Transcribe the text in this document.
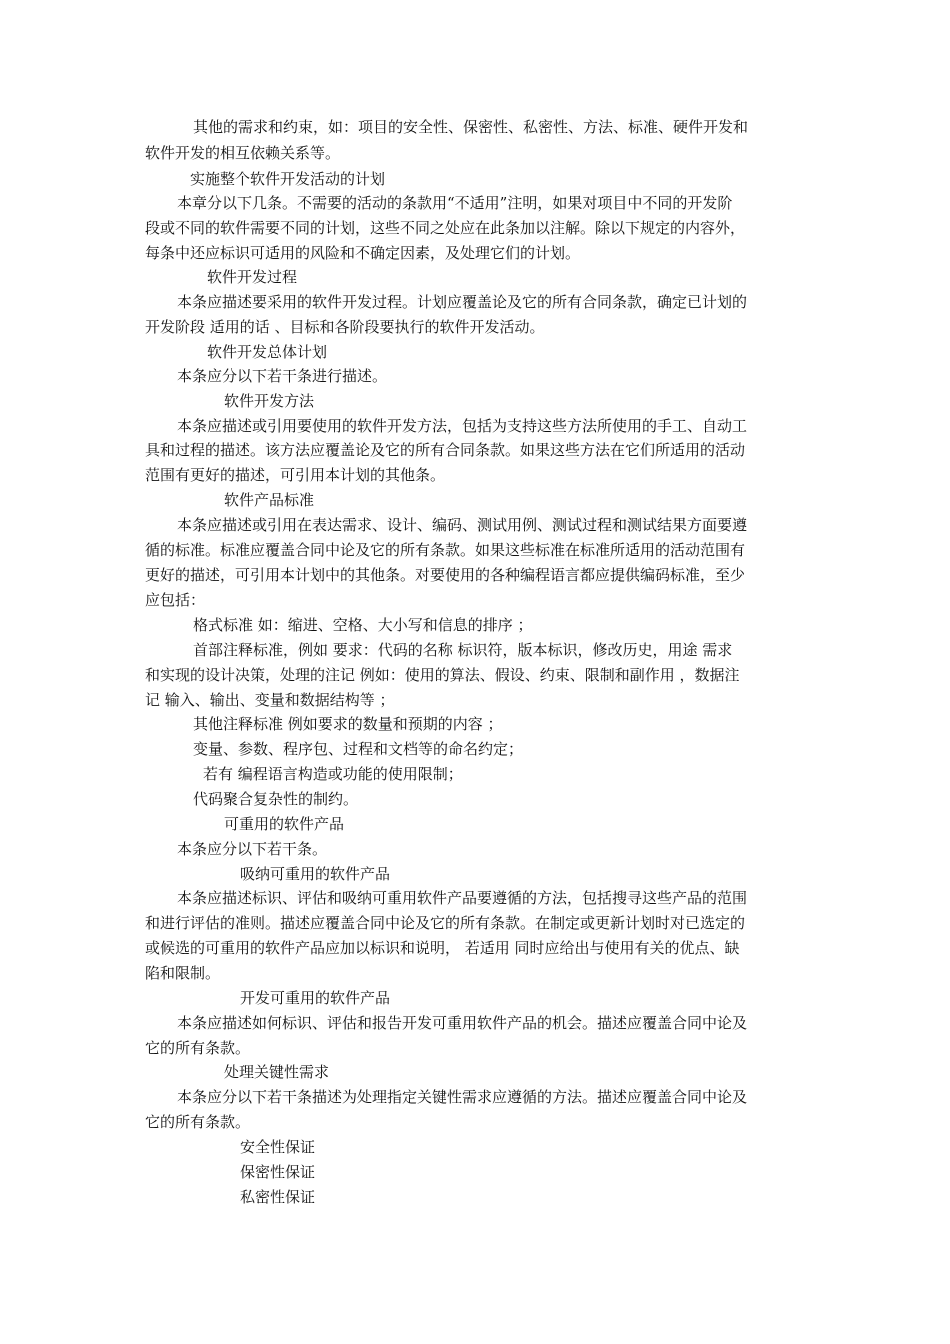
其他的需求和约束，如：项目的安全性、保密性、私密性、方法、标准、硬件开发和
软件开发的相互依赖关系等。
实施整个软件开发活动的计划
本章分以下几条。不需要的活动的条款用“不适用”注明，如果对项目中不同的开发阶
段或不同的软件需要不同的计划，这些不同之处应在此条加以注解。除以下规定的内容外，
每条中还应标识可适用的风险和不确定因素，及处理它们的计划。
软件开发过程
本条应描述要采用的软件开发过程。计划应覆盖论及它的所有合同条款，确定已计划的
开发阶段 适用的话 、目标和各阶段要执行的软件开发活动。
软件开发总体计划
本条应分以下若干条进行描述。
软件开发方法
本条应描述或引用要使用的软件开发方法，包括为支持这些方法所使用的手工、自动工
具和过程的描述。该方法应覆盖论及它的所有合同条款。如果这些方法在它们所适用的活动
范围有更好的描述，可引用本计划的其他条。
软件产品标准
本条应描述或引用在表达需求、设计、编码、测试用例、测试过程和测试结果方面要遵
循的标准。标准应覆盖合同中论及它的所有条款。如果这些标准在标准所适用的活动范围有
更好的描述，可引用本计划中的其他条。对要使用的各种编程语言都应提供编码标准，至少
应包括：
格式标准 如：缩进、空格、大小写和信息的排序 ；
首部注释标准，例如 要求：代码的名称 标识符，版本标识，修改历史，用途 需求
和实现的设计决策，处理的注记 例如：使用的算法、假设、约束、限制和副作用 ，数据注
记 输入、输出、变量和数据结构等 ；
其他注释标准 例如要求的数量和预期的内容 ；
变量、参数、程序包、过程和文档等的命名约定；
若有 编程语言构造或功能的使用限制；
代码聚合复杂性的制约。
可重用的软件产品
本条应分以下若干条。
吸纳可重用的软件产品
本条应描述标识、评估和吸纳可重用软件产品要遵循的方法，包括搜寻这些产品的范围
和进行评估的准则。描述应覆盖合同中论及它的所有条款。在制定或更新计划时对已选定的
或候选的可重用的软件产品应加以标识和说明， 若适用 同时应给出与使用有关的优点、缺
陷和限制。
开发可重用的软件产品
本条应描述如何标识、评估和报告开发可重用软件产品的机会。描述应覆盖合同中论及
它的所有条款。
处理关键性需求
本条应分以下若干条描述为处理指定关键性需求应遵循的方法。描述应覆盖合同中论及
它的所有条款。
安全性保证
保密性保证
私密性保证
